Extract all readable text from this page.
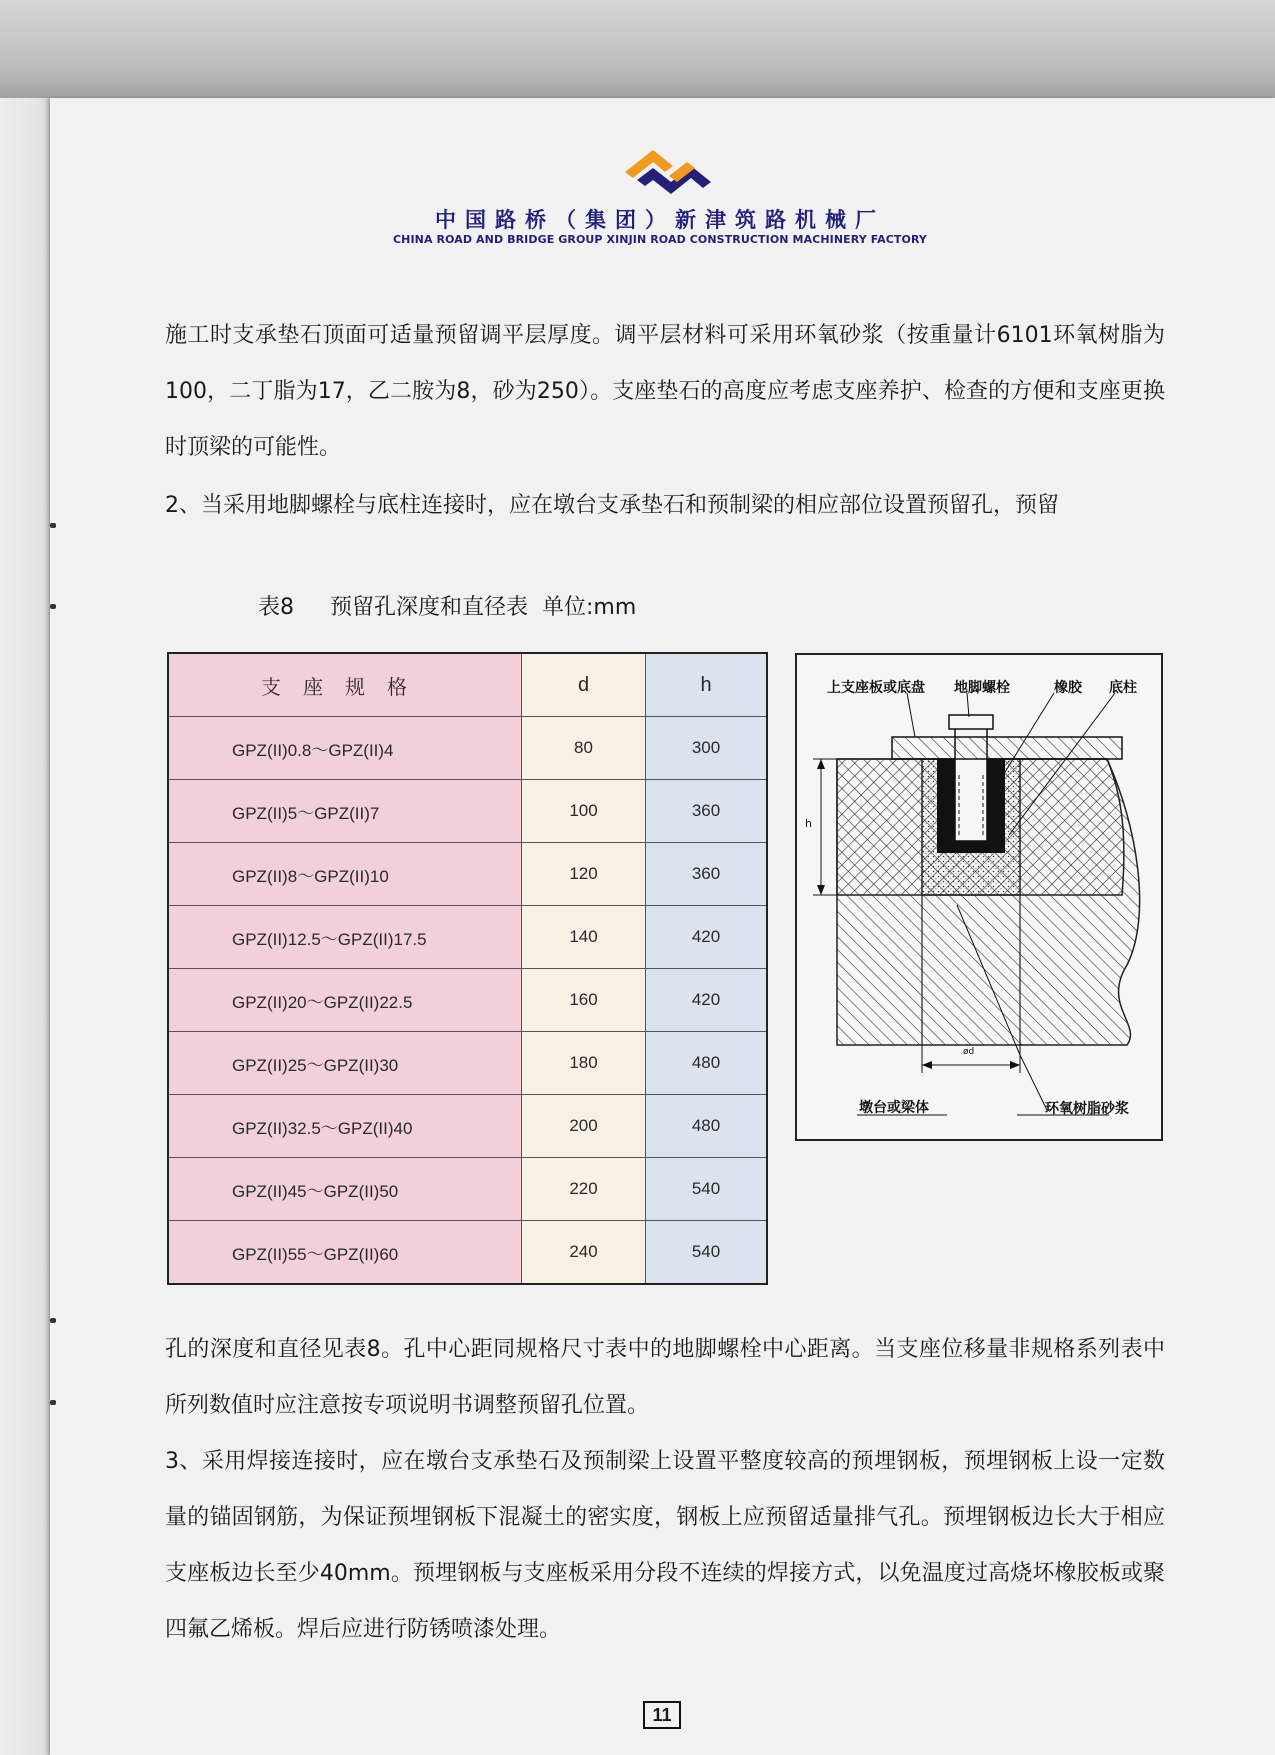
中国路桥（集团）新津筑路机械厂
CHINA ROAD AND BRIDGE GROUP XINJIN ROAD CONSTRUCTION MACHINERY FACTORY
施工时支承垫石顶面可适量预留调平层厚度。调平层材料可采用环氧砂浆（按重量计6101环氧树脂为100，二丁脂为17，乙二胺为8，砂为250）。支座垫石的高度应考虑支座养护、检查的方便和支座更换时顶梁的可能性。
2、当采用地脚螺栓与底柱连接时，应在墩台支承垫石和预制梁的相应部位设置预留孔，预留
表8 预留孔深度和直径表 单位:mm
支座规格	d	h
GPZ(II)0.8～GPZ(II)4	80	300
GPZ(II)5～GPZ(II)7	100	360
GPZ(II)8～GPZ(II)10	120	360
GPZ(II)12.5～GPZ(II)17.5	140	420
GPZ(II)20～GPZ(II)22.5	160	420
GPZ(II)25～GPZ(II)30	180	480
GPZ(II)32.5～GPZ(II)40	200	480
GPZ(II)45～GPZ(II)50	220	540
GPZ(II)55～GPZ(II)60	240	540
上支座板或底盘 地脚螺栓	橡胶 底柱
h
ød
墩台或梁体	环氧树脂砂浆
孔的深度和直径见表8。孔中心距同规格尺寸表中的地脚螺栓中心距离。当支座位移量非规格系列表中所列数值时应注意按专项说明书调整预留孔位置。
3、采用焊接连接时，应在墩台支承垫石及预制梁上设置平整度较高的预埋钢板，预埋钢板上设一定数量的锚固钢筋，为保证预埋钢板下混凝土的密实度，钢板上应预留适量排气孔。预埋钢板边长大于相应支座板边长至少40mm。预埋钢板与支座板采用分段不连续的焊接方式，以免温度过高烧坏橡胶板或聚四氟乙烯板。焊后应进行防锈喷漆处理。
11
